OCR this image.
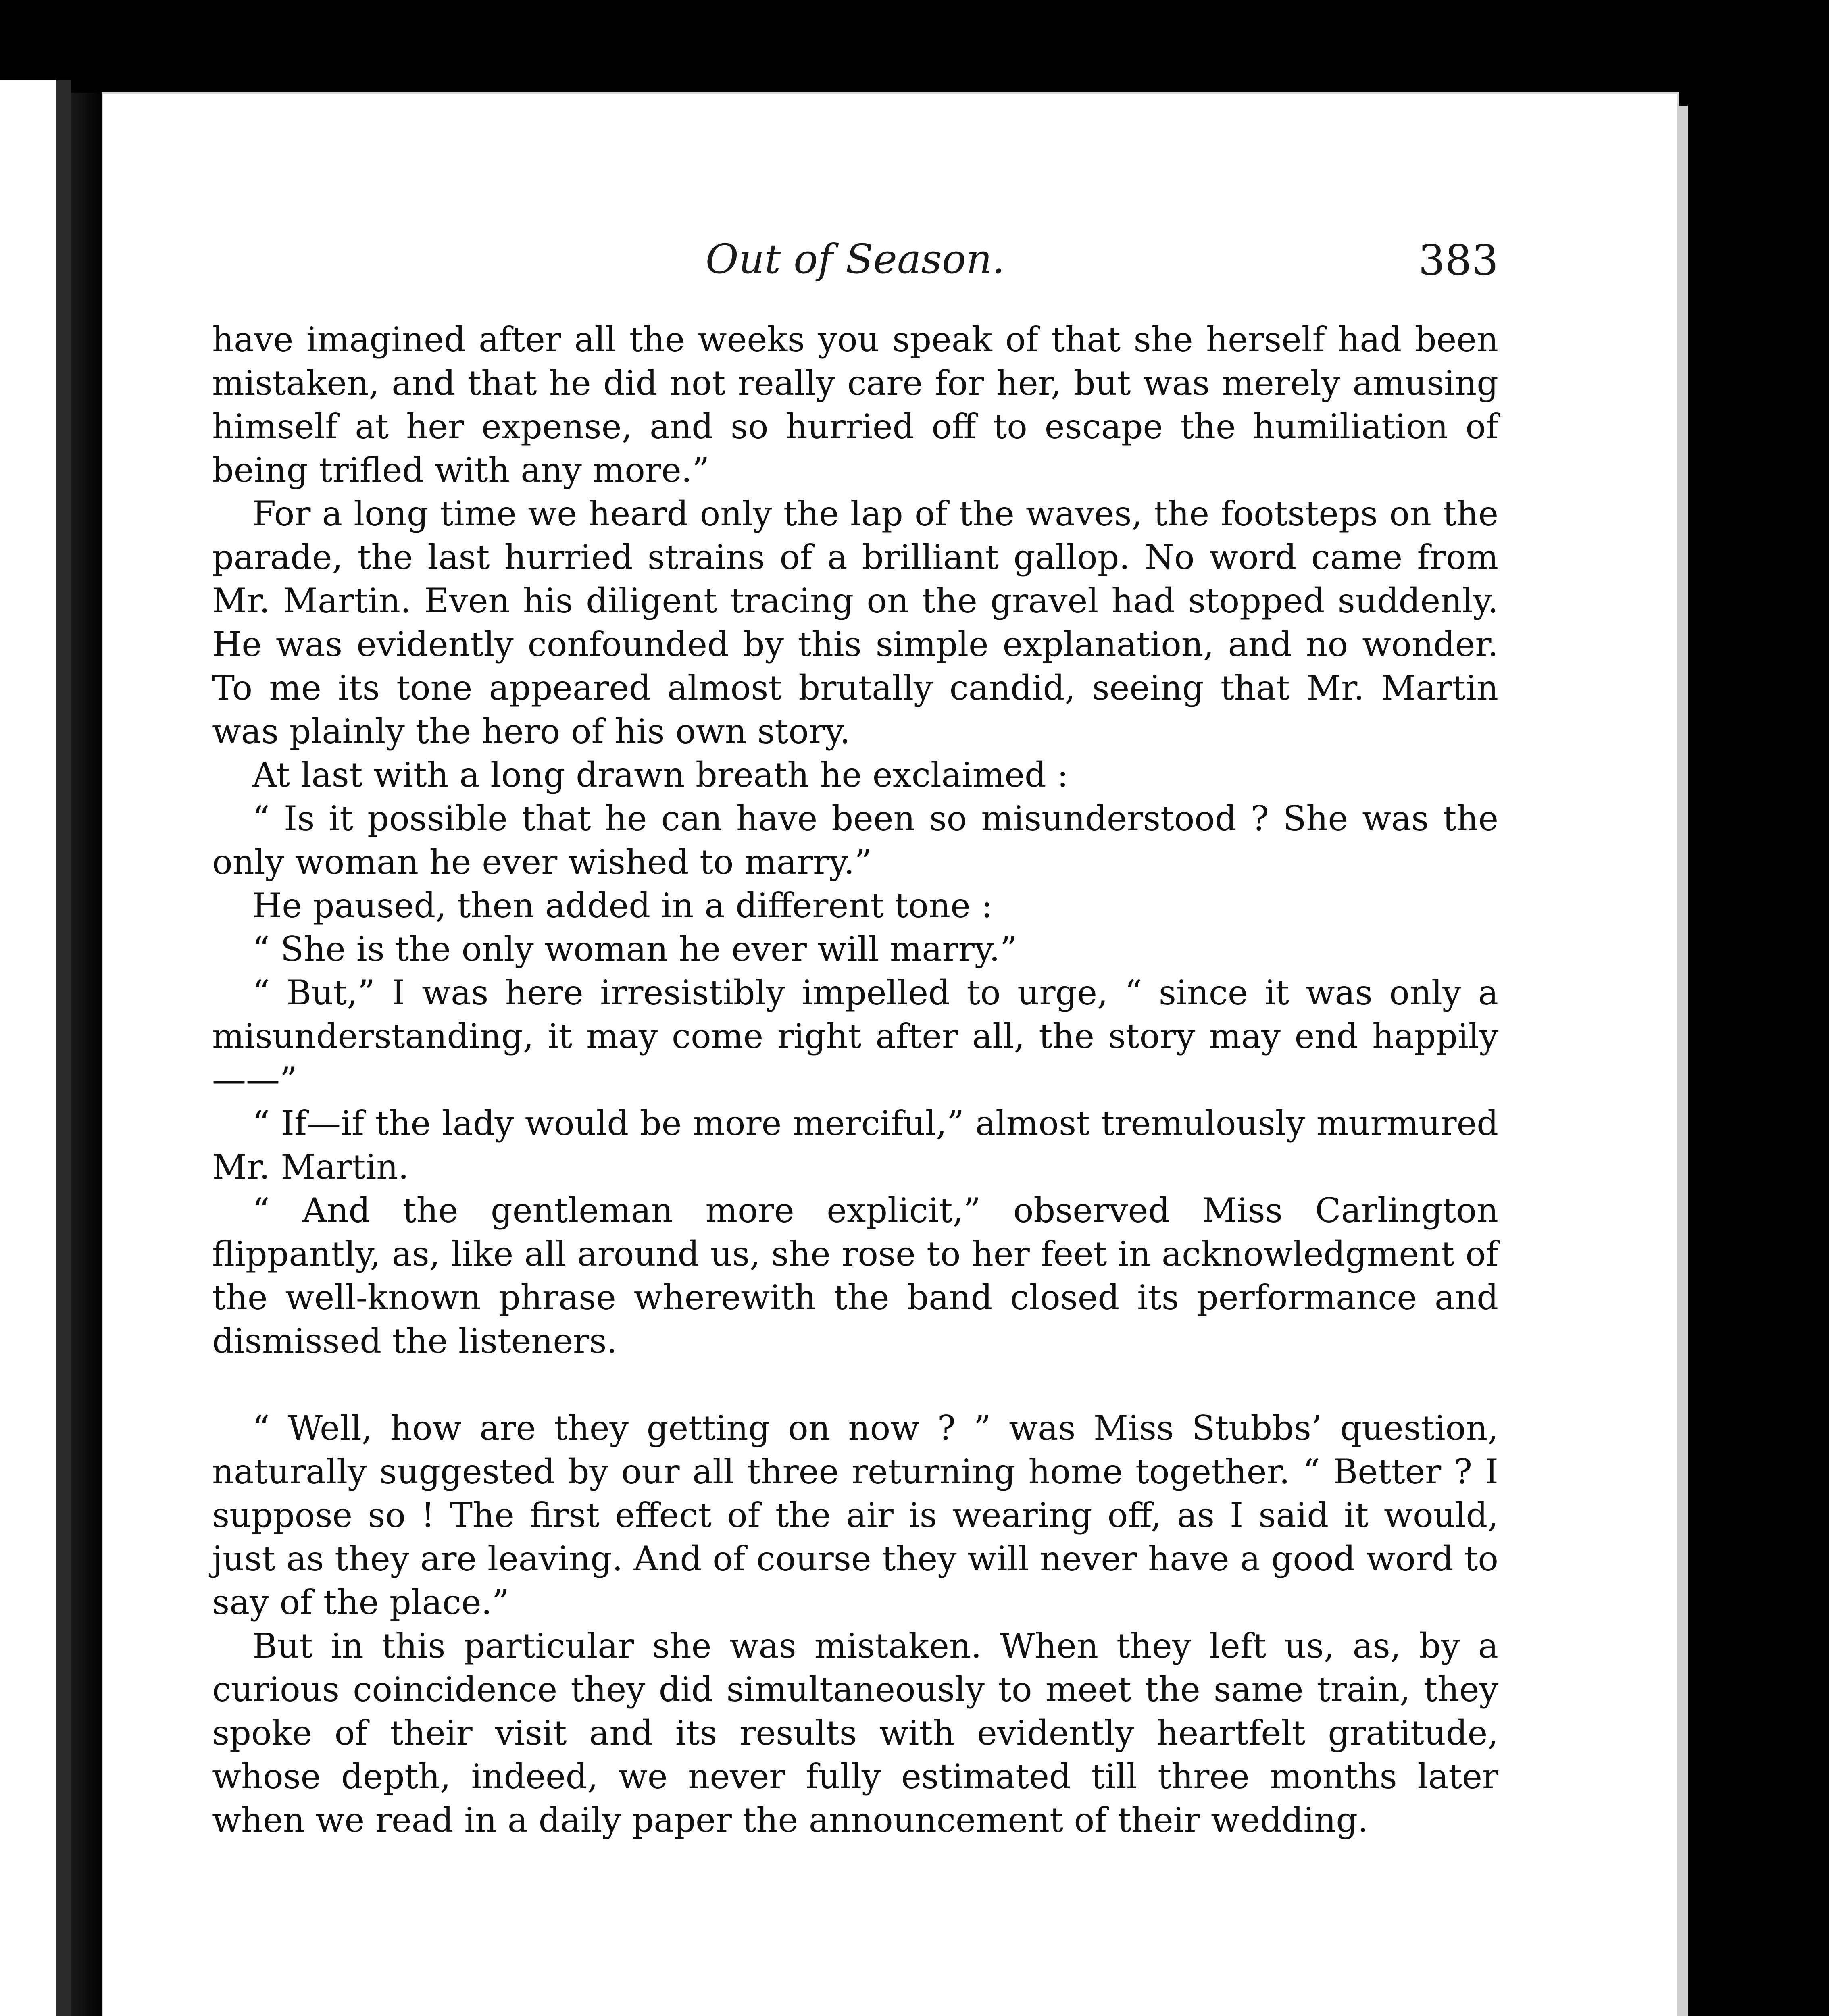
Out of Season.	383

have imagined after all the weeks you speak of that she herself had been mistaken, and that he did not really care for her, but was merely amusing himself at her expense, and so hurried off to escape the humiliation of being trifled with any more.”

For a long time we heard only the lap of the waves, the footsteps on the parade, the last hurried strains of a brilliant gallop. No word came from Mr. Martin. Even his diligent tracing on the gravel had stopped suddenly. He was evidently confounded by this simple explanation, and no wonder. To me its tone appeared almost brutally candid, seeing that Mr. Martin was plainly the hero of his own story.

At last with a long drawn breath he exclaimed :

“ Is it possible that he can have been so misunderstood ? She was the only woman he ever wished to marry.”

He paused, then added in a different tone :

“ She is the only woman he ever will marry.”

“ But,” I was here irresistibly impelled to urge, “ since it was only a misunderstanding, it may come right after all, the story may end happily——”

“ If—if the lady would be more merciful,” almost tremulously murmured Mr. Martin.

“ And the gentleman more explicit,” observed Miss Carlington flippantly, as, like all around us, she rose to her feet in acknowledgment of the well-known phrase wherewith the band closed its performance and dismissed the listeners.

“ Well, how are they getting on now ? ” was Miss Stubbs’ question, naturally suggested by our all three returning home together. “ Better ? I suppose so ! The first effect of the air is wearing off, as I said it would, just as they are leaving. And of course they will never have a good word to say of the place.”

But in this particular she was mistaken. When they left us, as, by a curious coincidence they did simultaneously to meet the same train, they spoke of their visit and its results with evidently heartfelt gratitude, whose depth, indeed, we never fully estimated till three months later when we read in a daily paper the announcement of their wedding.
